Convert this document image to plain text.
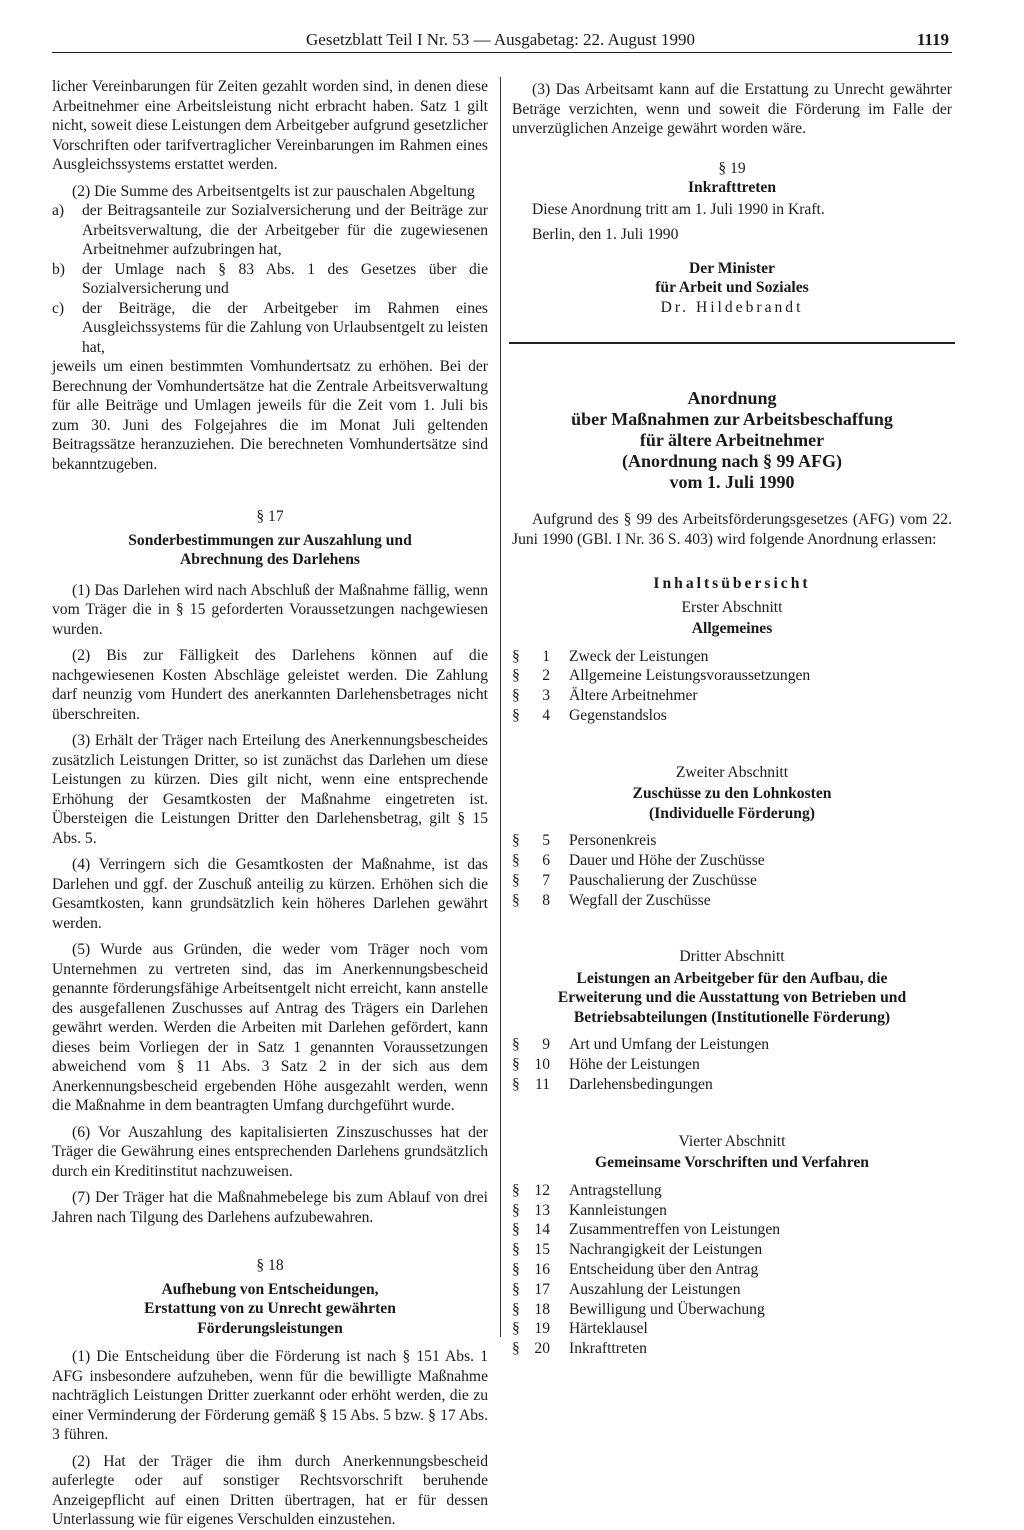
Gesetzblatt Teil I Nr. 53 — Ausgabetag: 22. August 1990	1119

licher Vereinbarungen für Zeiten gezahlt worden sind, in denen diese Arbeitnehmer eine Arbeitsleistung nicht erbracht haben. Satz 1 gilt nicht, soweit diese Leistungen dem Arbeitgeber aufgrund gesetzlicher Vorschriften oder tarifvertraglicher Vereinbarungen im Rahmen eines Ausgleichssystems erstattet werden.

(2) Die Summe des Arbeitsentgelts ist zur pauschalen Abgeltung

a)	der Beitragsanteile zur Sozialversicherung und der Beiträge zur Arbeitsverwaltung, die der Arbeitgeber für die zugewiesenen Arbeitnehmer aufzubringen hat,
b)	der Umlage nach § 83 Abs. 1 des Gesetzes über die Sozialversicherung und
c)	der Beiträge, die der Arbeitgeber im Rahmen eines Ausgleichssystems für die Zahlung von Urlaubsentgelt zu leisten hat,

jeweils um einen bestimmten Vomhundertsatz zu erhöhen. Bei der Berechnung der Vomhundertsätze hat die Zentrale Arbeitsverwaltung für alle Beiträge und Umlagen jeweils für die Zeit vom 1. Juli bis zum 30. Juni des Folgejahres die im Monat Juli geltenden Beitragssätze heranzuziehen. Die berechneten Vomhundertsätze sind bekanntzugeben.

§ 17

Sonderbestimmungen zur Auszahlung und
Abrechnung des Darlehens

(1) Das Darlehen wird nach Abschluß der Maßnahme fällig, wenn vom Träger die in § 15 geforderten Voraussetzungen nachgewiesen wurden.

(2) Bis zur Fälligkeit des Darlehens können auf die nachgewiesenen Kosten Abschläge geleistet werden. Die Zahlung darf neunzig vom Hundert des anerkannten Darlehensbetrages nicht überschreiten.

(3) Erhält der Träger nach Erteilung des Anerkennungsbescheides zusätzlich Leistungen Dritter, so ist zunächst das Darlehen um diese Leistungen zu kürzen. Dies gilt nicht, wenn eine entsprechende Erhöhung der Gesamtkosten der Maßnahme eingetreten ist. Übersteigen die Leistungen Dritter den Darlehensbetrag, gilt § 15 Abs. 5.

(4) Verringern sich die Gesamtkosten der Maßnahme, ist das Darlehen und ggf. der Zuschuß anteilig zu kürzen. Erhöhen sich die Gesamtkosten, kann grundsätzlich kein höheres Darlehen gewährt werden.

(5) Wurde aus Gründen, die weder vom Träger noch vom Unternehmen zu vertreten sind, das im Anerkennungsbescheid genannte förderungsfähige Arbeitsentgelt nicht erreicht, kann anstelle des ausgefallenen Zuschusses auf Antrag des Trägers ein Darlehen gewährt werden. Werden die Arbeiten mit Darlehen gefördert, kann dieses beim Vorliegen der in Satz 1 genannten Voraussetzungen abweichend vom § 11 Abs. 3 Satz 2 in der sich aus dem Anerkennungsbescheid ergebenden Höhe ausgezahlt werden, wenn die Maßnahme in dem beantragten Umfang durchgeführt wurde.

(6) Vor Auszahlung des kapitalisierten Zinszuschusses hat der Träger die Gewährung eines entsprechenden Darlehens grundsätzlich durch ein Kreditinstitut nachzuweisen.

(7) Der Träger hat die Maßnahmebelege bis zum Ablauf von drei Jahren nach Tilgung des Darlehens aufzubewahren.

§ 18

Aufhebung von Entscheidungen,
Erstattung von zu Unrecht gewährten
Förderungsleistungen

(1) Die Entscheidung über die Förderung ist nach § 151 Abs. 1 AFG insbesondere aufzuheben, wenn für die bewilligte Maßnahme nachträglich Leistungen Dritter zuerkannt oder erhöht werden, die zu einer Verminderung der Förderung gemäß § 15 Abs. 5 bzw. § 17 Abs. 3 führen.

(2) Hat der Träger die ihm durch Anerkennungsbescheid auferlegte oder auf sonstiger Rechtsvorschrift beruhende Anzeigepflicht auf einen Dritten übertragen, hat er für dessen Unterlassung wie für eigenes Verschulden einzustehen.

(3) Das Arbeitsamt kann auf die Erstattung zu Unrecht gewährter Beträge verzichten, wenn und soweit die Förderung im Falle der unverzüglichen Anzeige gewährt worden wäre.

§ 19

Inkrafttreten

Diese Anordnung tritt am 1. Juli 1990 in Kraft.

Berlin, den 1. Juli 1990

Der Minister
für Arbeit und Soziales

Dr. Hildebrandt

Anordnung
über Maßnahmen zur Arbeitsbeschaffung
für ältere Arbeitnehmer
(Anordnung nach § 99 AFG)
vom 1. Juli 1990

Aufgrund des § 99 des Arbeitsförderungsgesetzes (AFG) vom 22. Juni 1990 (GBl. I Nr. 36 S. 403) wird folgende Anordnung erlassen:

Inhaltsübersicht

Erster Abschnitt
Allgemeines
§	1 Zweck der Leistungen
§	2 Allgemeine Leistungsvoraussetzungen
§	3 Ältere Arbeitnehmer
§	4 Gegenstandslos
Zweiter Abschnitt
Zuschüsse zu den Lohnkosten
(Individuelle Förderung)
§	5 Personenkreis
§	6 Dauer und Höhe der Zuschüsse
§	7 Pauschalierung der Zuschüsse
§	8 Wegfall der Zuschüsse
Dritter Abschnitt
Leistungen an Arbeitgeber für den Aufbau, die
Erweiterung und die Ausstattung von Betrieben und
Betriebsabteilungen (Institutionelle Förderung)
§	9 Art und Umfang der Leistungen
§ 10 Höhe der Leistungen
§ 11 Darlehensbedingungen
Vierter Abschnitt
Gemeinsame Vorschriften und Verfahren
§ 12 Antragstellung
§ 13 Kannleistungen
§ 14 Zusammentreffen von Leistungen
§ 15 Nachrangigkeit der Leistungen
§ 16 Entscheidung über den Antrag
§ 17 Auszahlung der Leistungen
§ 18 Bewilligung und Überwachung
§ 19 Härteklausel
§ 20 Inkrafttreten
